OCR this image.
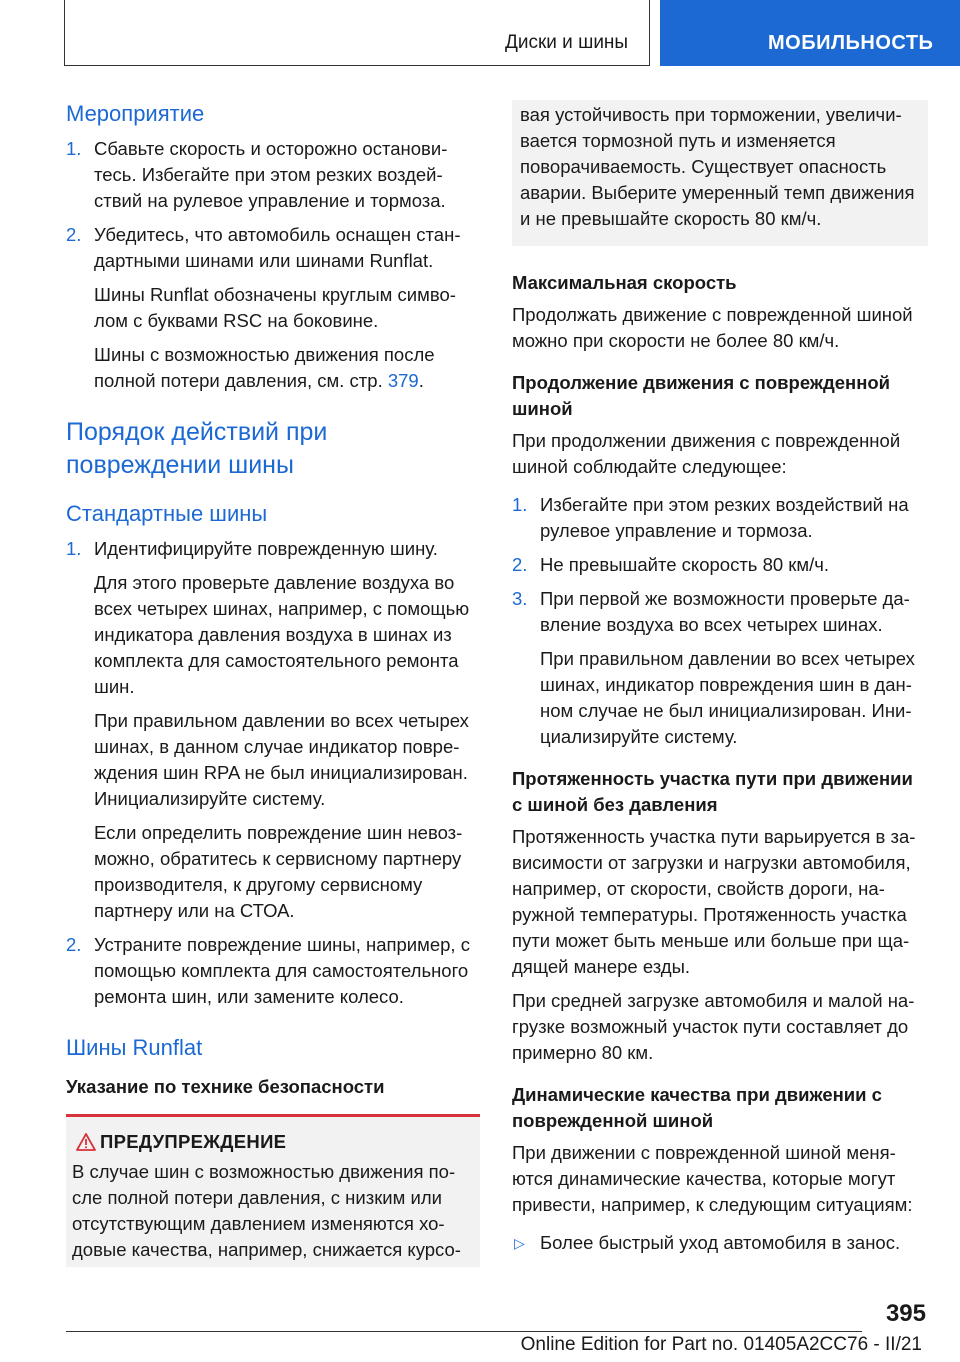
Диски и шины	МОБИЛЬНОСТЬ
Мероприятие
1. Сбавьте скорость и осторожно остановитесь. Избегайте при этом резких воздействий на рулевое управление и тормоза.
2. Убедитесь, что автомобиль оснащен стандартными шинами или шинами Runflat.
Шины Runflat обозначены круглым символом с буквами RSC на боковине.
Шины с возможностью движения после полной потери давления, см. стр. 379.
Порядок действий при повреждении шины
Стандартные шины
1. Идентифицируйте поврежденную шину.
Для этого проверьте давление воздуха во всех четырех шинах, например, с помощью индикатора давления воздуха в шинах из комплекта для самостоятельного ремонта шин.
При правильном давлении во всех четырех шинах, в данном случае индикатор повреждения шин RPA не был инициализирован. Инициализируйте систему.
Если определить повреждение шин невозможно, обратитесь к сервисному партнеру производителя, к другому сервисному партнеру или на СТОА.
2. Устраните повреждение шины, например, с помощью комплекта для самостоятельного ремонта шин, или замените колесо.
Шины Runflat
Указание по технике безопасности
ПРЕДУПРЕЖДЕНИЕ
В случае шин с возможностью движения после полной потери давления, с низким или отсутствующим давлением изменяются ходовые качества, например, снижается курсо-
вая устойчивость при торможении, увеличивается тормозной путь и изменяется поворачиваемость. Существует опасность аварии. Выберите умеренный темп движения и не превышайте скорость 80 км/ч.
Максимальная скорость
Продолжать движение с поврежденной шиной можно при скорости не более 80 км/ч.
Продолжение движения с поврежденной шиной
При продолжении движения с поврежденной шиной соблюдайте следующее:
1. Избегайте при этом резких воздействий на рулевое управление и тормоза.
2. Не превышайте скорость 80 км/ч.
3. При первой же возможности проверьте давление воздуха во всех четырех шинах.
При правильном давлении во всех четырех шинах, индикатор повреждения шин в данном случае не был инициализирован. Инициализируйте систему.
Протяженность участка пути при движении с шиной без давления
Протяженность участка пути варьируется в зависимости от загрузки и нагрузки автомобиля, например, от скорости, свойств дороги, наружной температуры. Протяженность участка пути может быть меньше или больше при щадящей манере езды.
При средней загрузке автомобиля и малой нагрузке возможный участок пути составляет до примерно 80 км.
Динамические качества при движении с поврежденной шиной
При движении с поврежденной шиной меняются динамические качества, которые могут привести, например, к следующим ситуациям:
▷ Более быстрый уход автомобиля в занос.
395
Online Edition for Part no. 01405A2CC76 - II/21
